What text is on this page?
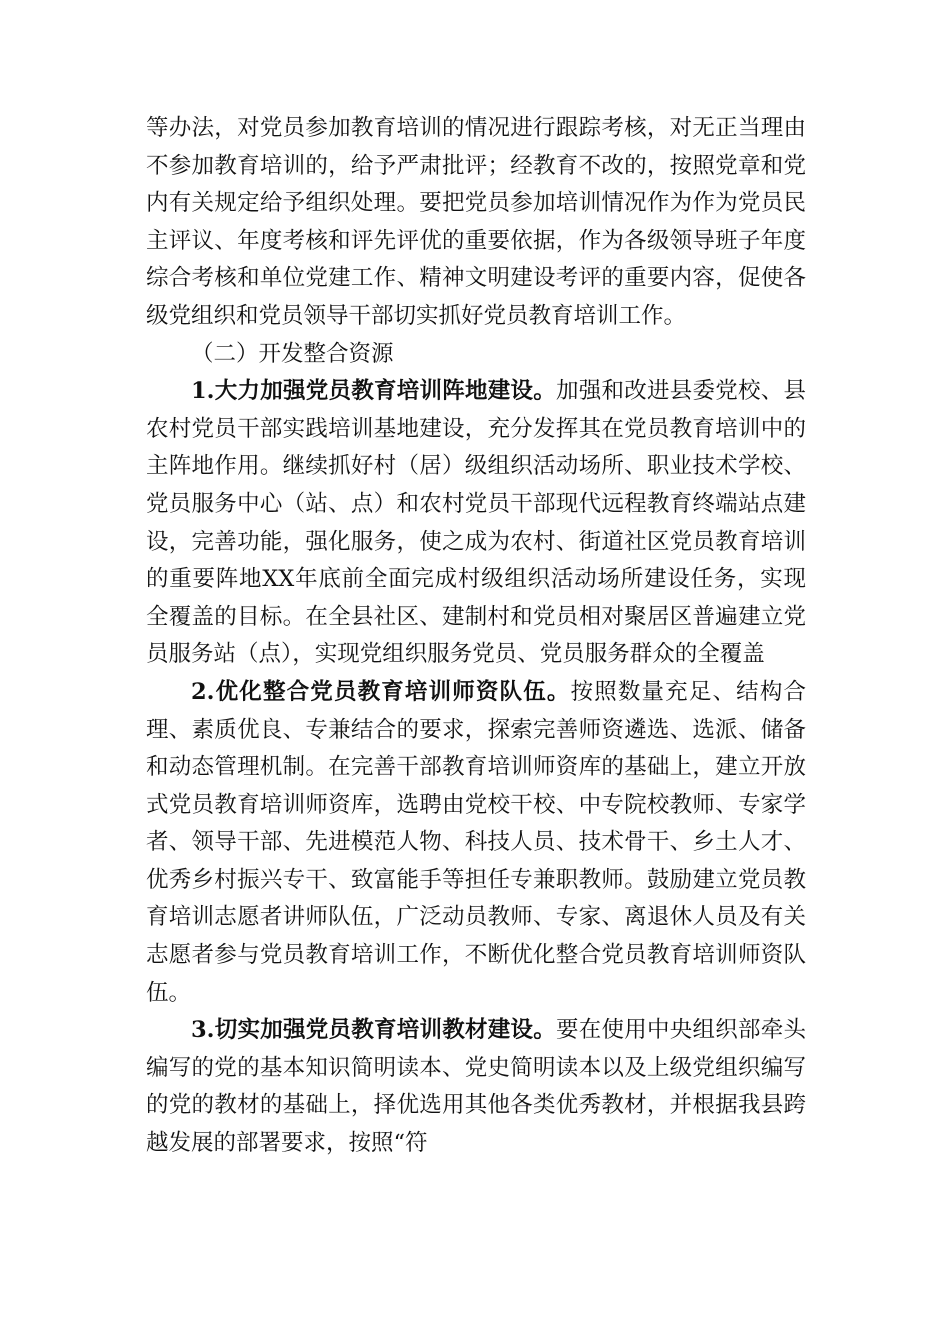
等办法，对党员参加教育培训的情况进行跟踪考核，对无正当理由不参加教育培训的，给予严肃批评；经教育不改的，按照党章和党内有关规定给予组织处理。要把党员参加培训情况作为作为党员民主评议、年度考核和评先评优的重要依据，作为各级领导班子年度综合考核和单位党建工作、精神文明建设考评的重要内容，促使各级党组织和党员领导干部切实抓好党员教育培训工作。

（二）开发整合资源

1.大力加强党员教育培训阵地建设。加强和改进县委党校、县农村党员干部实践培训基地建设，充分发挥其在党员教育培训中的主阵地作用。继续抓好村（居）级组织活动场所、职业技术学校、党员服务中心（站、点）和农村党员干部现代远程教育终端站点建设，完善功能，强化服务，使之成为农村、街道社区党员教育培训的重要阵地XX年底前全面完成村级组织活动场所建设任务，实现全覆盖的目标。在全县社区、建制村和党员相对聚居区普遍建立党员服务站（点），实现党组织服务党员、党员服务群众的全覆盖

2.优化整合党员教育培训师资队伍。按照数量充足、结构合理、素质优良、专兼结合的要求，探索完善师资遴选、选派、储备和动态管理机制。在完善干部教育培训师资库的基础上，建立开放式党员教育培训师资库，选聘由党校干校、中专院校教师、专家学者、领导干部、先进模范人物、科技人员、技术骨干、乡土人才、优秀乡村振兴专干、致富能手等担任专兼职教师。鼓励建立党员教育培训志愿者讲师队伍，广泛动员教师、专家、离退休人员及有关志愿者参与党员教育培训工作，不断优化整合党员教育培训师资队伍。

3.切实加强党员教育培训教材建设。要在使用中央组织部牵头编写的党的基本知识简明读本、党史简明读本以及上级党组织编写的党的教材的基础上，择优选用其他各类优秀教材，并根据我县跨越发展的部署要求，按照“符
